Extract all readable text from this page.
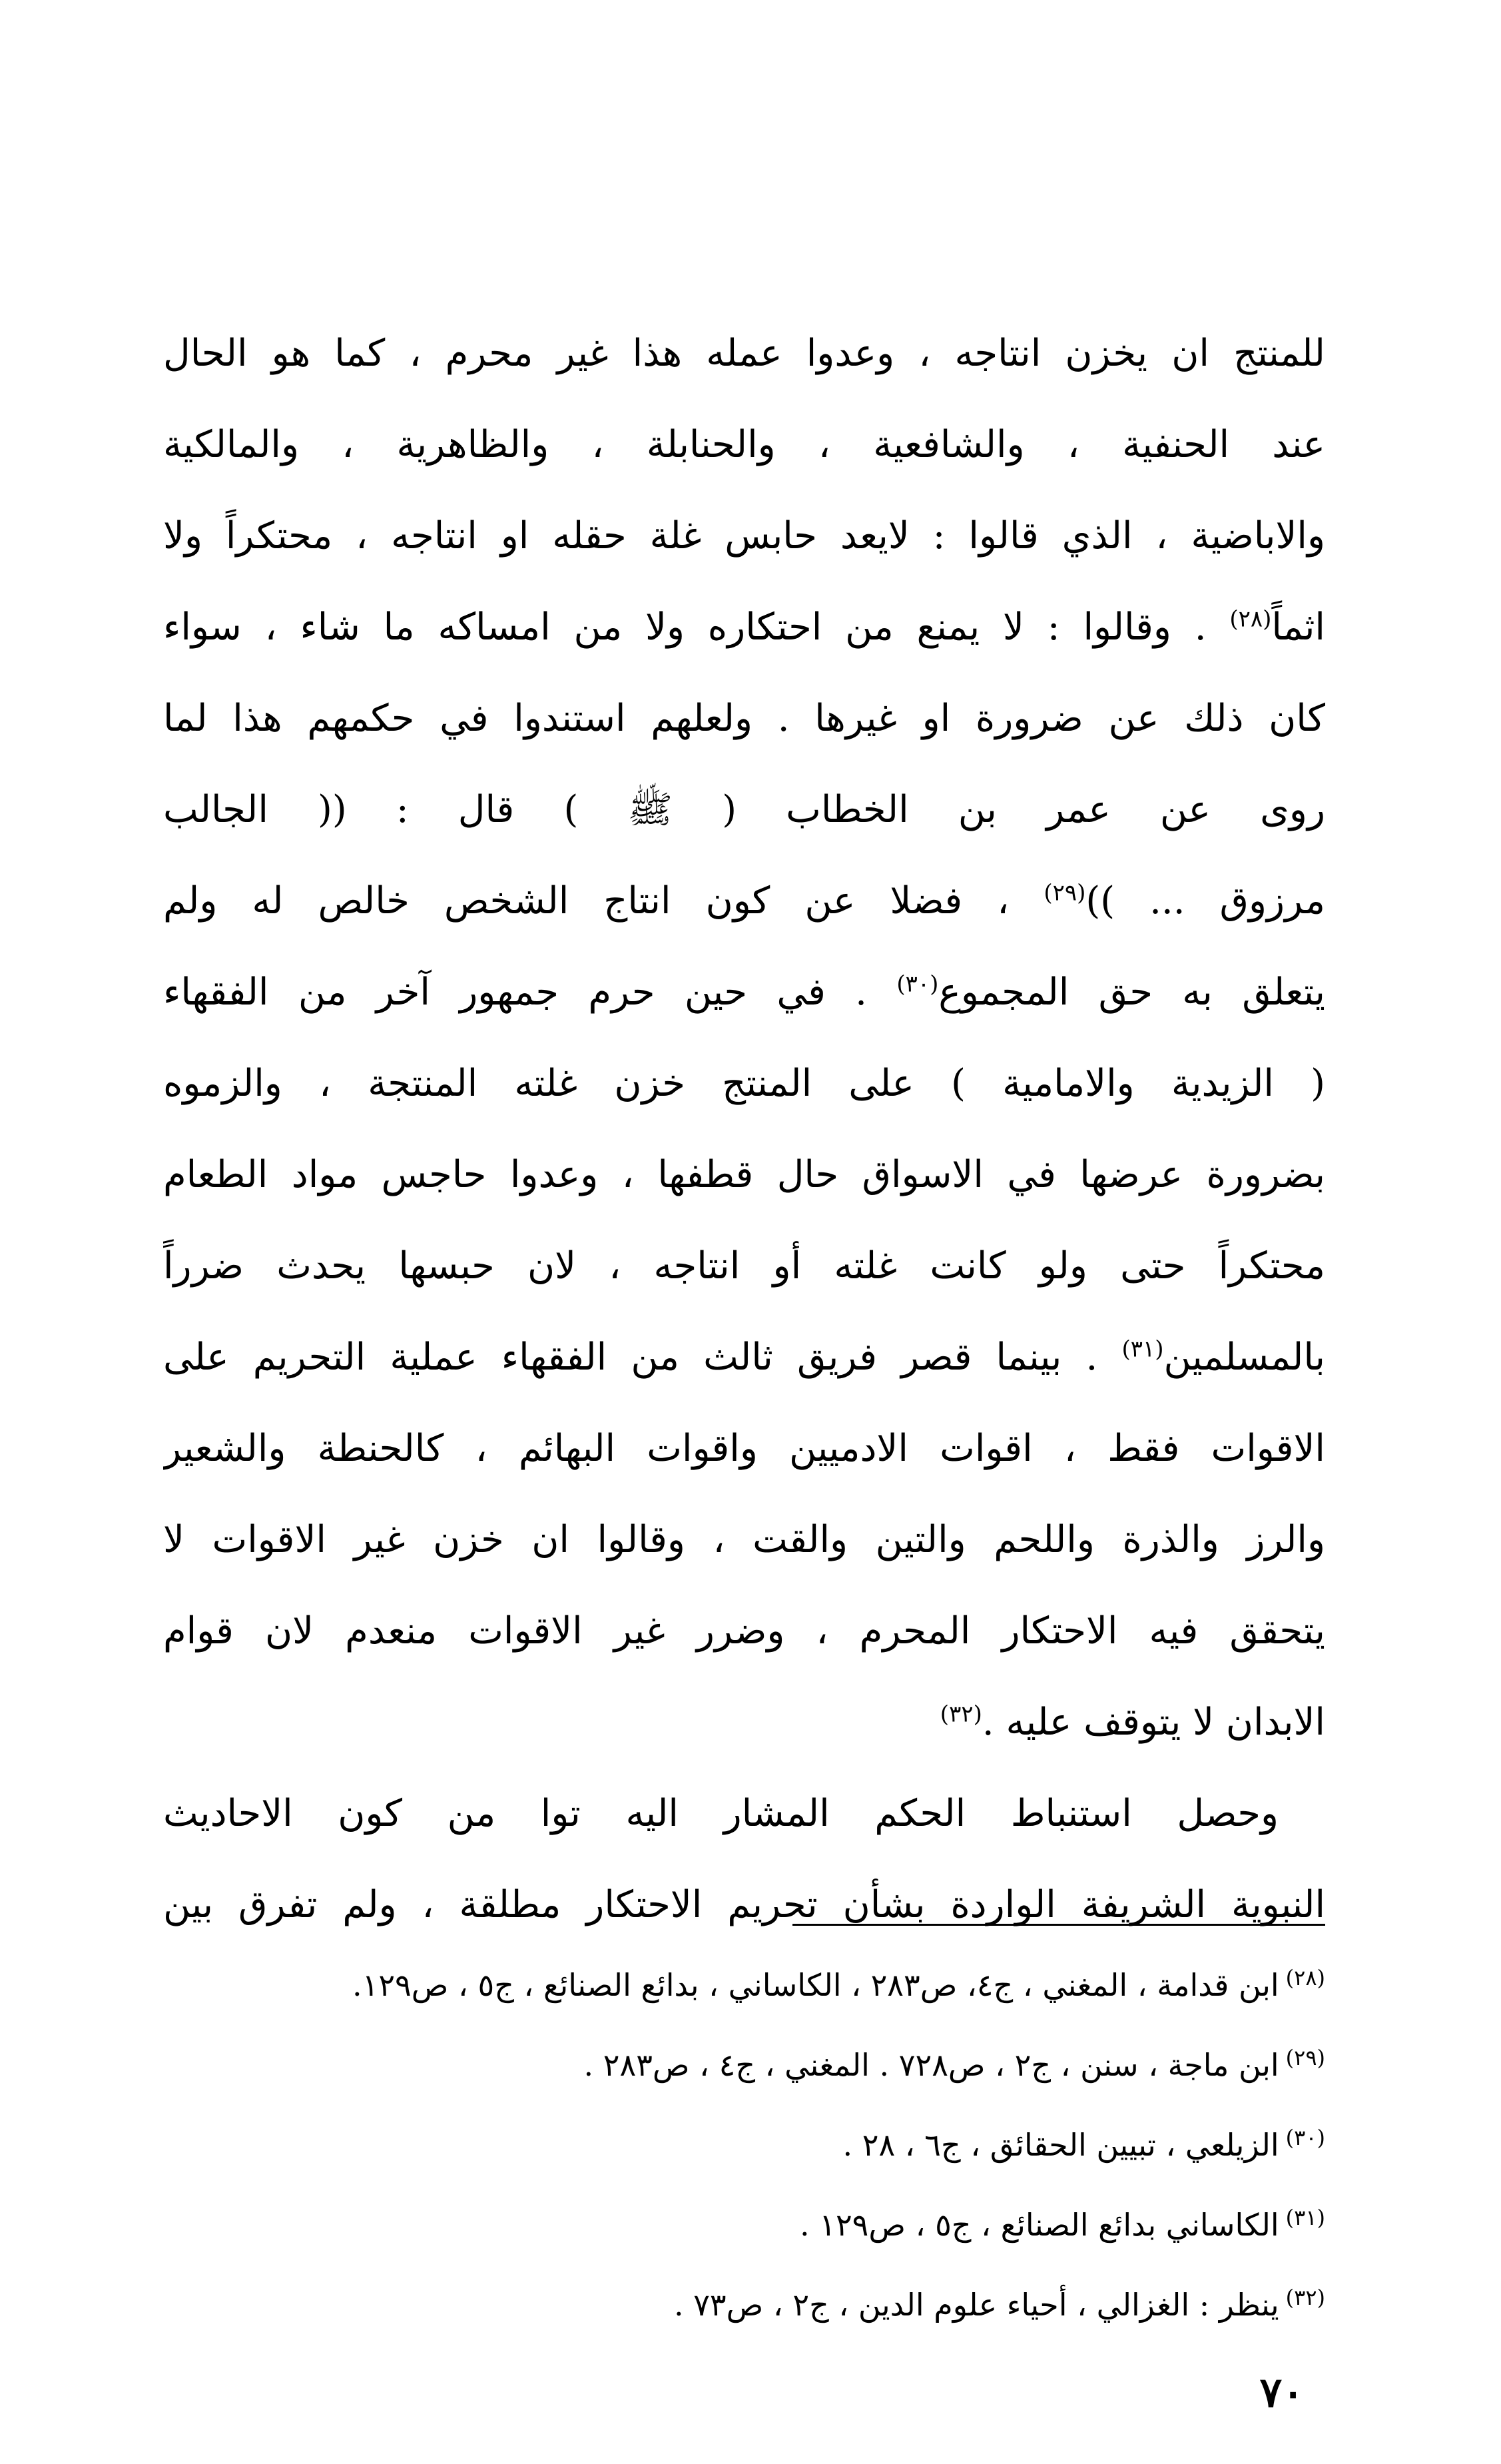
للمنتج ان يخزن انتاجه ، وعدوا عمله هذا غير محرم ، كما هو الحال
عند الحنفية ، والشافعية ، والحنابلة ، والظاهرية ، والمالكية
والاباضية ، الذي قالوا : لايعد حابس غلة حقله او انتاجه ، محتكراً ولا
اثماً$^{(٢٨)}$ . وقالوا : لا يمنع من احتكاره ولا من امساكه ما شاء ، سواء
كان ذلك عن ضرورة او غيرها . ولعلهم استندوا في حكمهم هذا لما
روى عن عمر بن الخطاب ( ﷺ ) قال : (( الجالب
مرزوق ... ))$^{(٢٩)}$ ، فضلا عن كون انتاج الشخص خالص له ولم
يتعلق به حق المجموع$^{(٣٠)}$ . في حين حرم جمهور آخر من الفقهاء
( الزيدية والامامية ) على المنتج خزن غلته المنتجة ، والزموه
بضرورة عرضها في الاسواق حال قطفها ، وعدوا حاجس مواد الطعام
محتكراً حتى ولو كانت غلته أو انتاجه ، لان حبسها يحدث ضرراً
بالمسلمين$^{(٣١)}$ . بينما قصر فريق ثالث من الفقهاء عملية التحريم على
الاقوات فقط ، اقوات الادميين واقوات البهائم ، كالحنطة والشعير
والرز والذرة واللحم والتين والقت ، وقالوا ان خزن غير الاقوات لا
يتحقق فيه الاحتكار المحرم ، وضرر غير الاقوات منعدم لان قوام
الابدان لا يتوقف عليه .$^{(٣٢)}$
وحصل استنباط الحكم المشار اليه توا من كون الاحاديث
النبوية الشريفة الواردة بشأن تحريم الاحتكار مطلقة ، ولم تفرق بين
$^{(٢٨)}$ابن قدامة ، المغني ، ج٤، ص٢٨٣ ، الكاساني ، بدائع الصنائع ، ج٥ ، ص١٢٩.
$^{(٢٩)}$ابن ماجة ، سنن ، ج٢ ، ص٧٢٨ . المغني ، ج٤ ، ص٢٨٣ .
$^{(٣٠)}$الزيلعي ، تبيين الحقائق ، ج٦ ، ٢٨ .
$^{(٣١)}$الكاساني بدائع الصنائع ، ج٥ ، ص١٢٩ .
$^{(٣٢)}$ينظر : الغزالي ، أحياء علوم الدين ، ج٢ ، ص٧٣ .
٧٠
